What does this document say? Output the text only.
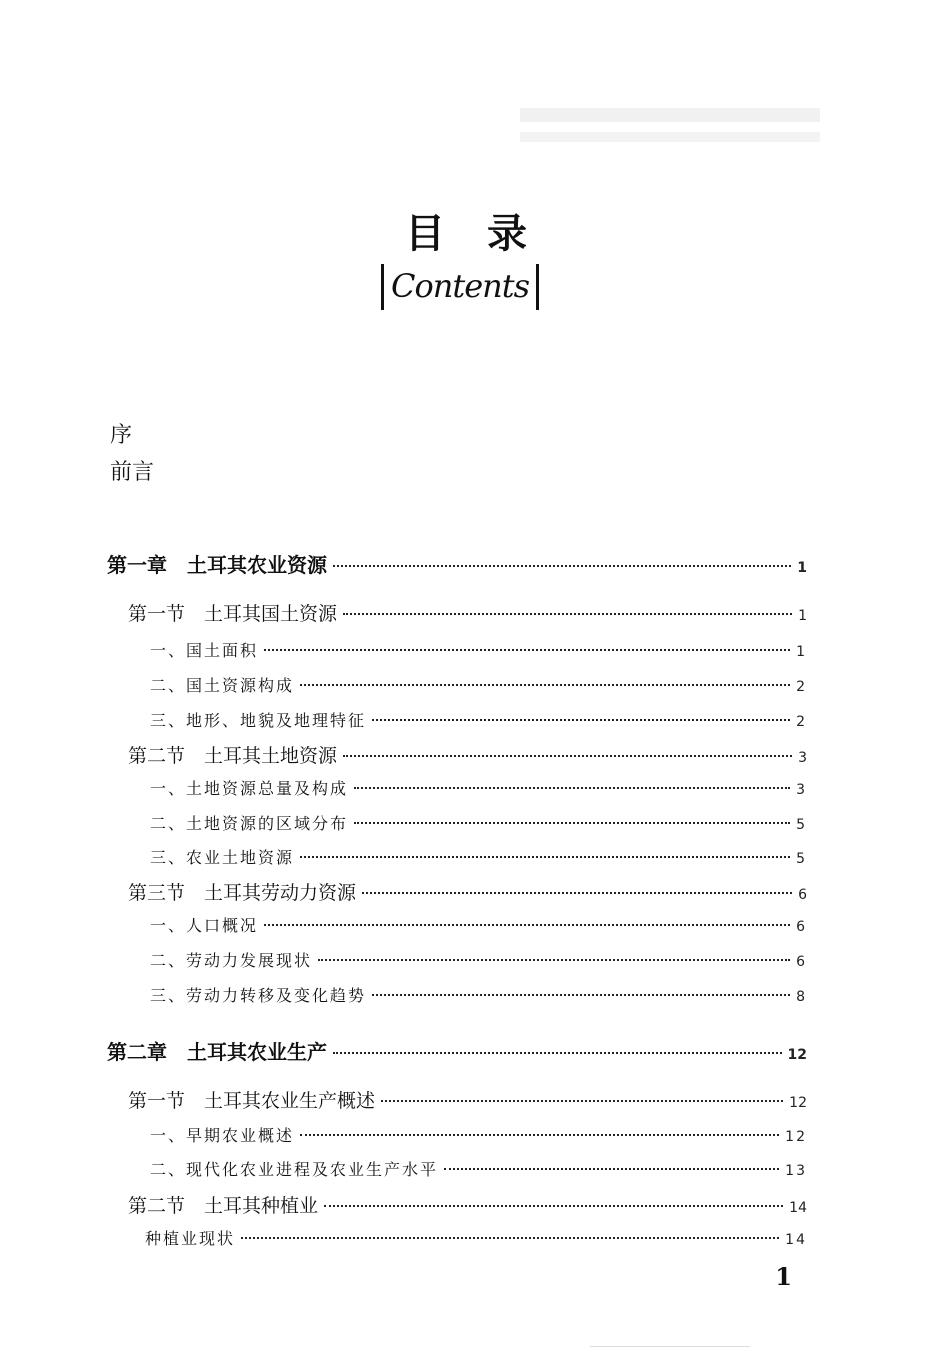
目录
Contents
序
前言
第一章　土耳其农业资源	1
第一节　土耳其国土资源	1
一、国土面积	1
二、国土资源构成	2
三、地形、地貌及地理特征	2
第二节　土耳其土地资源	3
一、土地资源总量及构成	3
二、土地资源的区域分布	5
三、农业土地资源	5
第三节　土耳其劳动力资源	6
一、人口概况	6
二、劳动力发展现状	6
三、劳动力转移及变化趋势	8
第二章　土耳其农业生产	12
第一节　土耳其农业生产概述	12
一、早期农业概述	12
二、现代化农业进程及农业生产水平	13
第二节　土耳其种植业	14
种植业现状	14
1
